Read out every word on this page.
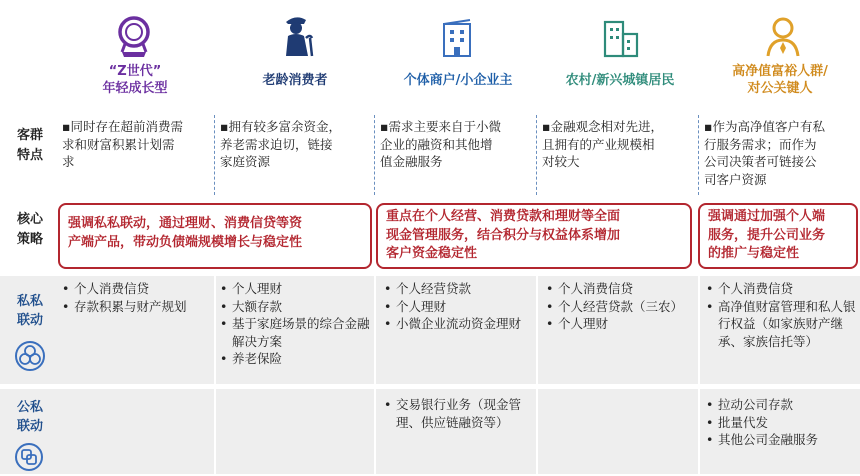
“Z世代”
年轻成长型
老龄消费者	个体商户/小企业主	农村/新兴城镇居民
高净值富裕人群/
对公关键人
客群
特点
核心
策略
▪同时存在超前消费需
求和财富积累计划需
求
▪拥有较多富余资金，
养老需求迫切，链接
家庭资源
▪需求主要来自于小微
企业的融资和其他增
值金融服务
▪金融观念相对先进，
且拥有的产业规模相
对较大
▪作为高净值客户有私
行服务需求；而作为
公司决策者可链接公
司客户资源
强调私私联动，通过理财、消费信贷等资
产端产品，带动负债端规模增长与稳定性
重点在个人经营、消费贷款和理财等全面
现金管理服务，结合积分与权益体系增加
客户资金稳定性
强调通过加强个人端
服务，提升公司业务
的推广与稳定性
私私
联动
公私
联动
• 个人消费信贷
• 存款积累与财产规划
• 个人理财
• 大额存款
• 基于家庭场景的综合金融解决方案
• 养老保险
• 个人经营贷款
• 个人理财
• 小微企业流动资金理财
• 个人消费信贷
• 个人经营贷款（三农）
• 个人理财
• 个人消费信贷
• 高净值财富管理和私人银行权益（如家族财产继承、家族信托等）
• 交易银行业务（现金管理、供应链融资等）
• 拉动公司存款
• 批量代发
• 其他公司金融服务
